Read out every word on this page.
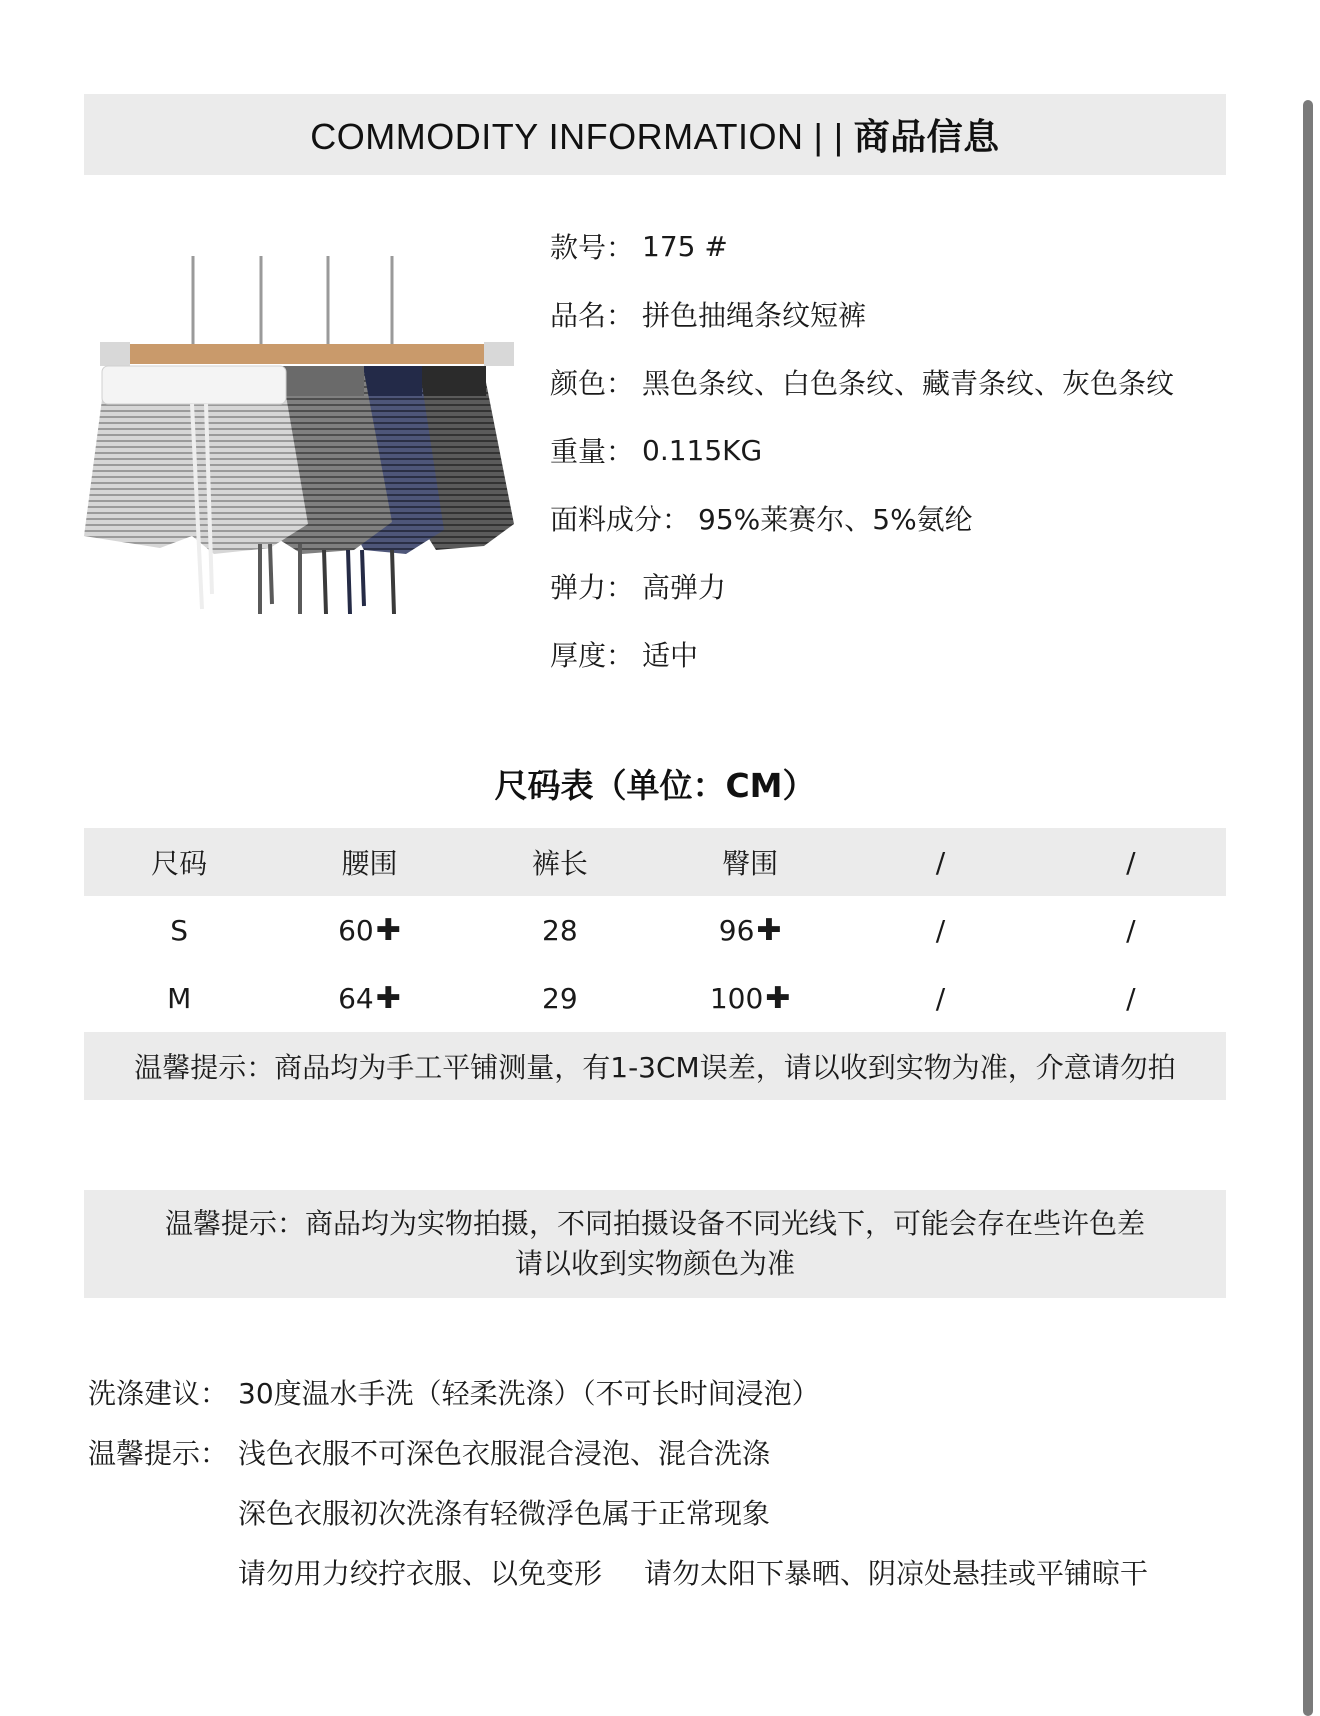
COMMODITY INFORMATION | | 商品信息
款号： 175 #
品名： 拼色抽绳条纹短裤
颜色： 黑色条纹、白色条纹、藏青条纹、灰色条纹
重量： 0.115KG
面料成分： 95%莱赛尔、5%氨纶
弹力： 高弹力
厚度： 适中
尺码表（单位：CM）
尺码	腰围	裤长	臀围	/	/
S	60✚	28	96✚	/	/
M	64✚	29	100✚	/	/
温馨提示：商品均为手工平铺测量，有1-3CM误差，请以收到实物为准，介意请勿拍
温馨提示：商品均为实物拍摄，不同拍摄设备不同光线下，可能会存在些许色差
请以收到实物颜色为准
洗涤建议： 30度温水手洗（轻柔洗涤）（不可长时间浸泡）
温馨提示： 浅色衣服不可深色衣服混合浸泡、混合洗涤
深色衣服初次洗涤有轻微浮色属于正常现象
请勿用力绞拧衣服、以免变形 请勿太阳下暴晒、阴凉处悬挂或平铺晾干
